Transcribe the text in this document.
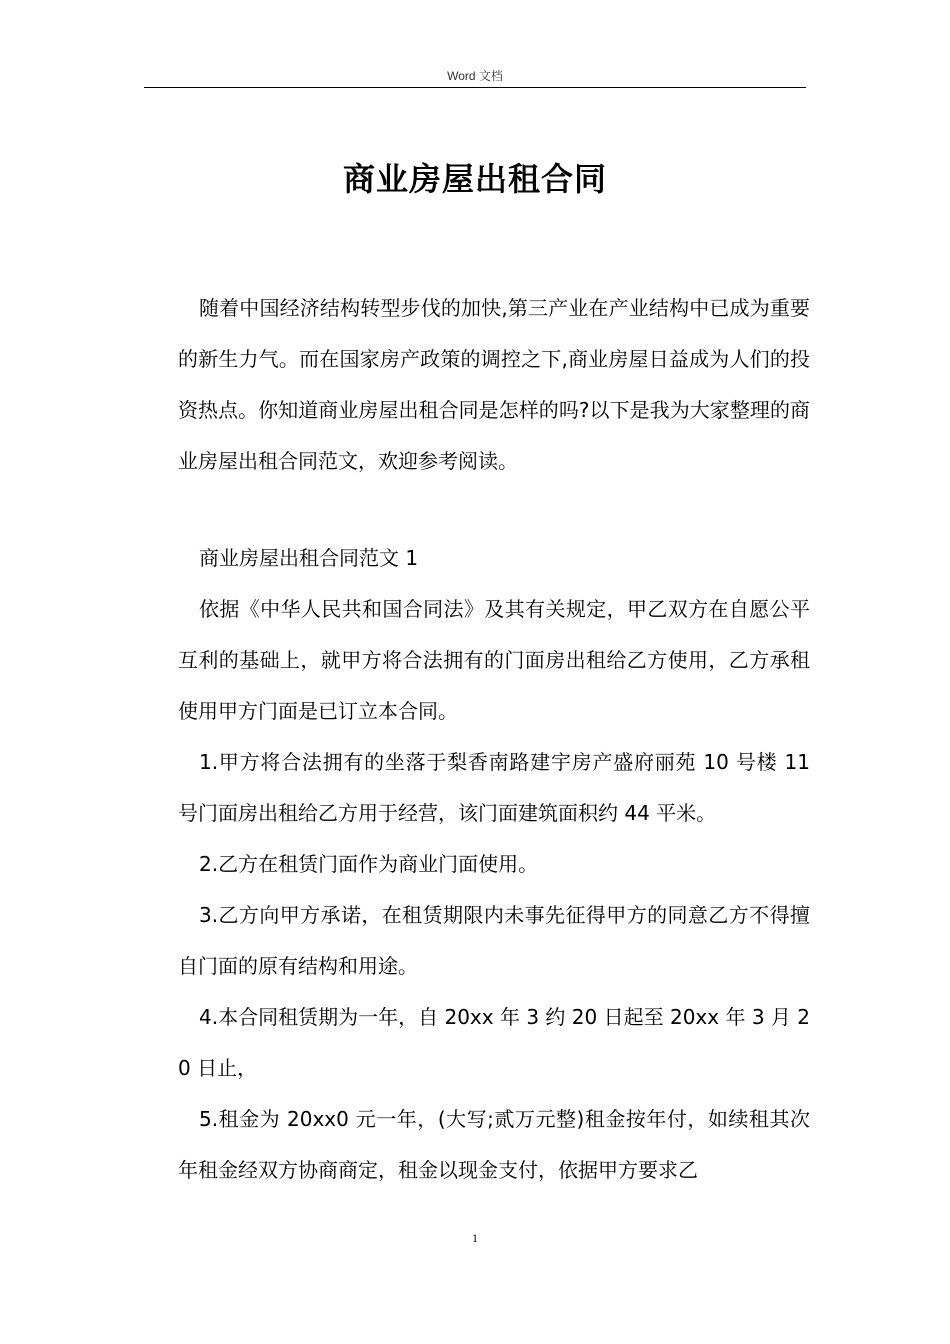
Word 文档
商业房屋出租合同

随着中国经济结构转型步伐的加快,第三产业在产业结构中已成为重要的新生力气。而在国家房产政策的调控之下,商业房屋日益成为人们的投资热点。你知道商业房屋出租合同是怎样的吗?以下是我为大家整理的商业房屋出租合同范文，欢迎参考阅读。

商业房屋出租合同范文 1

依据《中华人民共和国合同法》及其有关规定，甲乙双方在自愿公平互利的基础上，就甲方将合法拥有的门面房出租给乙方使用，乙方承租使用甲方门面是已订立本合同。

1.甲方将合法拥有的坐落于梨香南路建宇房产盛府丽苑 10 号楼 11 号门面房出租给乙方用于经营，该门面建筑面积约 44 平米。

2.乙方在租赁门面作为商业门面使用。

3.乙方向甲方承诺，在租赁期限内未事先征得甲方的同意乙方不得擅自门面的原有结构和用途。

4.本合同租赁期为一年，自 20xx 年 3 约 20 日起至 20xx 年 3 月 20 日止，

5.租金为 20xx0 元一年，(大写;贰万元整)租金按年付，如续租其次年租金经双方协商商定，租金以现金支付，依据甲方要求乙

1
